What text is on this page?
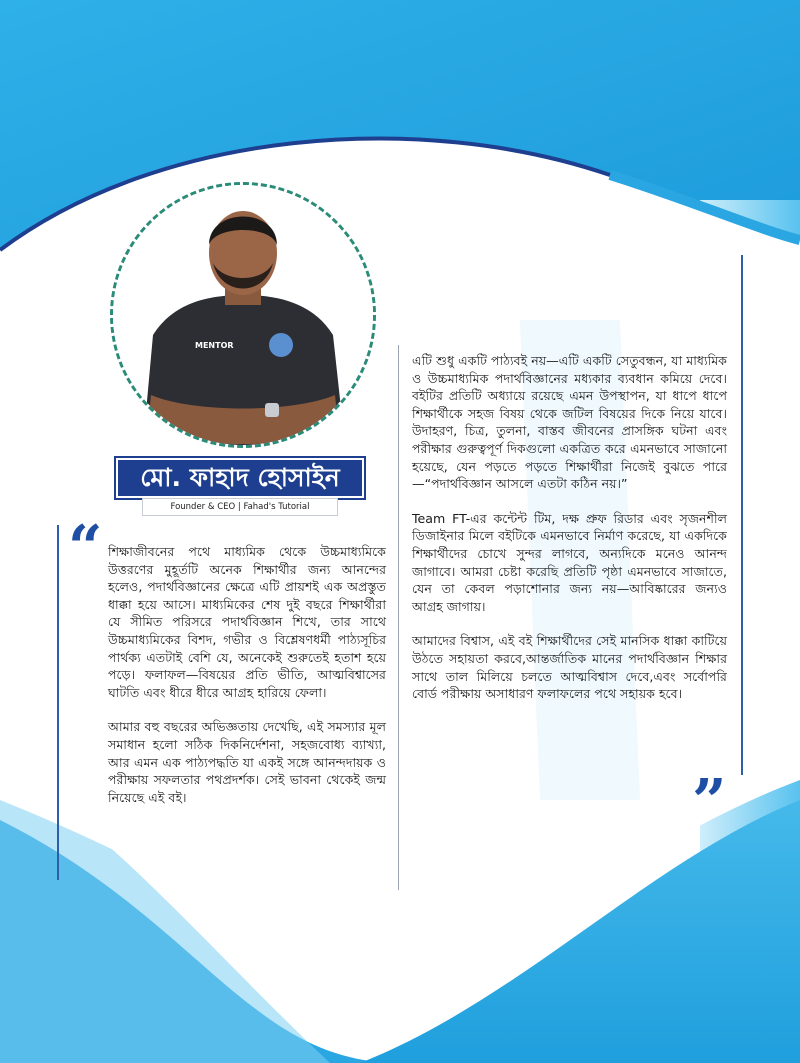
MENTOR
মো. ফাহাদ হোসাইন
Founder & CEO | Fahad's Tutorial
“
”

শিক্ষাজীবনের পথে মাধ্যমিক থেকে উচ্চমাধ্যমিকে উত্তরণের মুহূর্তটি অনেক শিক্ষার্থীর জন্য আনন্দের হলেও, পদার্থবিজ্ঞানের ক্ষেত্রে এটি প্রায়শই এক অপ্রস্তুত ধাক্কা হয়ে আসে। মাধ্যমিকের শেষ দুই বছরে শিক্ষার্থীরা যে সীমিত পরিসরে পদার্থবিজ্ঞান শিখে, তার সাথে উচ্চমাধ্যমিকের বিশদ, গভীর ও বিশ্লেষণধর্মী পাঠ্যসূচির পার্থক্য এতটাই বেশি যে, অনেকেই শুরুতেই হতাশ হয়ে পড়ে। ফলাফল—বিষয়ের প্রতি ভীতি, আত্মবিশ্বাসের ঘাটতি এবং ধীরে ধীরে আগ্রহ হারিয়ে ফেলা।

আমার বহু বছরের অভিজ্ঞতায় দেখেছি, এই সমস্যার মূল সমাধান হলো সঠিক দিকনির্দেশনা, সহজবোধ্য ব্যাখ্যা, আর এমন এক পাঠ্যপদ্ধতি যা একই সঙ্গে আনন্দদায়ক ও পরীক্ষায় সফলতার পথপ্রদর্শক। সেই ভাবনা থেকেই জন্ম নিয়েছে এই বই।

এটি শুধু একটি পাঠ্যবই নয়—এটি একটি সেতুবন্ধন, যা মাধ্যমিক ও উচ্চমাধ্যমিক পদার্থবিজ্ঞানের মধ্যকার ব্যবধান কমিয়ে দেবে। বইটির প্রতিটি অধ্যায়ে রয়েছে এমন উপস্থাপন, যা ধাপে ধাপে শিক্ষার্থীকে সহজ বিষয় থেকে জটিল বিষয়ের দিকে নিয়ে যাবে। উদাহরণ, চিত্র, তুলনা, বাস্তব জীবনের প্রাসঙ্গিক ঘটনা এবং পরীক্ষার গুরুত্বপূর্ণ দিকগুলো একত্রিত করে এমনভাবে সাজানো হয়েছে, যেন পড়তে পড়তে শিক্ষার্থীরা নিজেই বুঝতে পারে —“পদার্থবিজ্ঞান আসলে এতটা কঠিন নয়।”

Team FT-এর কন্টেন্ট টিম, দক্ষ প্রুফ রিডার এবং সৃজনশীল ডিজাইনার মিলে বইটিকে এমনভাবে নির্মাণ করেছে, যা একদিকে শিক্ষার্থীদের চোখে সুন্দর লাগবে, অন্যদিকে মনেও আনন্দ জাগাবে। আমরা চেষ্টা করেছি প্রতিটি পৃষ্ঠা এমনভাবে সাজাতে, যেন তা কেবল পড়াশোনার জন্য নয়—আবিষ্কারের জন্যও আগ্রহ জাগায়।

আমাদের বিশ্বাস, এই বই শিক্ষার্থীদের সেই মানসিক ধাক্কা কাটিয়ে উঠতে সহায়তা করবে,আন্তর্জাতিক মানের পদার্থবিজ্ঞান শিক্ষার সাথে তাল মিলিয়ে চলতে আত্মবিশ্বাস দেবে,এবং সর্বোপরি বোর্ড পরীক্ষায় অসাধারণ ফলাফলের পথে সহায়ক হবে।
